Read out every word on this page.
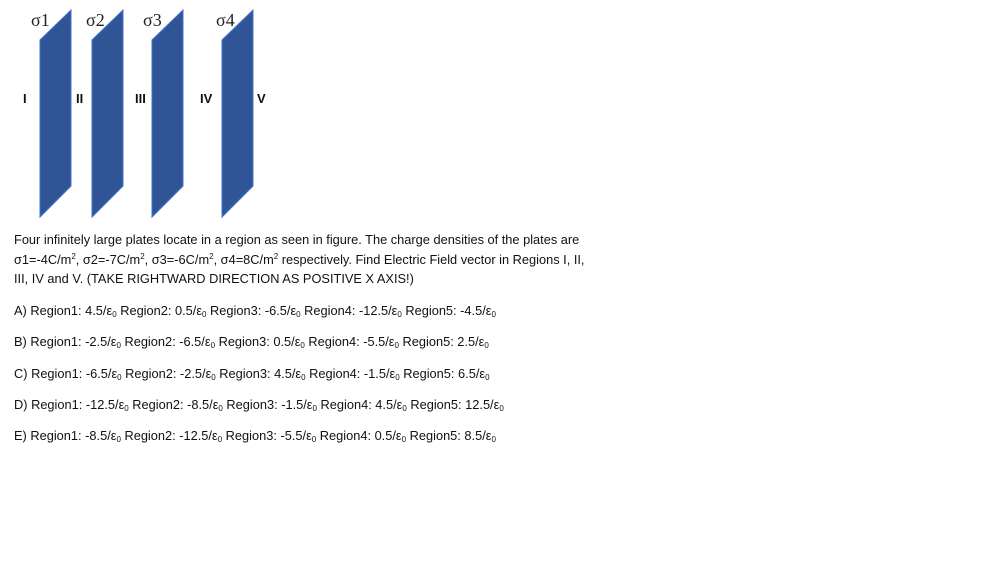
σ1 σ2 σ3	σ4
I	II	III	IV	V

Four infinitely large plates locate in a region as seen in figure. The charge densities of the plates are
$\sigma 1=-4C/m^2$, $\sigma 2=-7C/m^2$, $\sigma 3=-6C/m^2$, $\sigma 4=8C/m^2$ respectively. Find Electric Field vector in Regions I, II,
III, IV and V. (TAKE RIGHTWARD DIRECTION AS POSITIVE X AXIS!)

A) Region1: $4.5/\varepsilon_0$ Region2: $0.5/\varepsilon_0$ Region3: $-6.5/\varepsilon_0$ Region4: $-12.5/\varepsilon_0$ Region5: $-4.5/\varepsilon_0$

B) Region1: $-2.5/\varepsilon_0$ Region2: $-6.5/\varepsilon_0$ Region3: $0.5/\varepsilon_0$ Region4: $-5.5/\varepsilon_0$ Region5: $2.5/\varepsilon_0$

C) Region1: $-6.5/\varepsilon_0$ Region2: $-2.5/\varepsilon_0$ Region3: $4.5/\varepsilon_0$ Region4: $-1.5/\varepsilon_0$ Region5: $6.5/\varepsilon_0$

D) Region1: $-12.5/\varepsilon_0$ Region2: $-8.5/\varepsilon_0$ Region3: $-1.5/\varepsilon_0$ Region4: $4.5/\varepsilon_0$ Region5: $12.5/\varepsilon_0$

E) Region1: $-8.5/\varepsilon_0$ Region2: $-12.5/\varepsilon_0$ Region3: $-5.5/\varepsilon_0$ Region4: $0.5/\varepsilon_0$ Region5: $8.5/\varepsilon_0$
